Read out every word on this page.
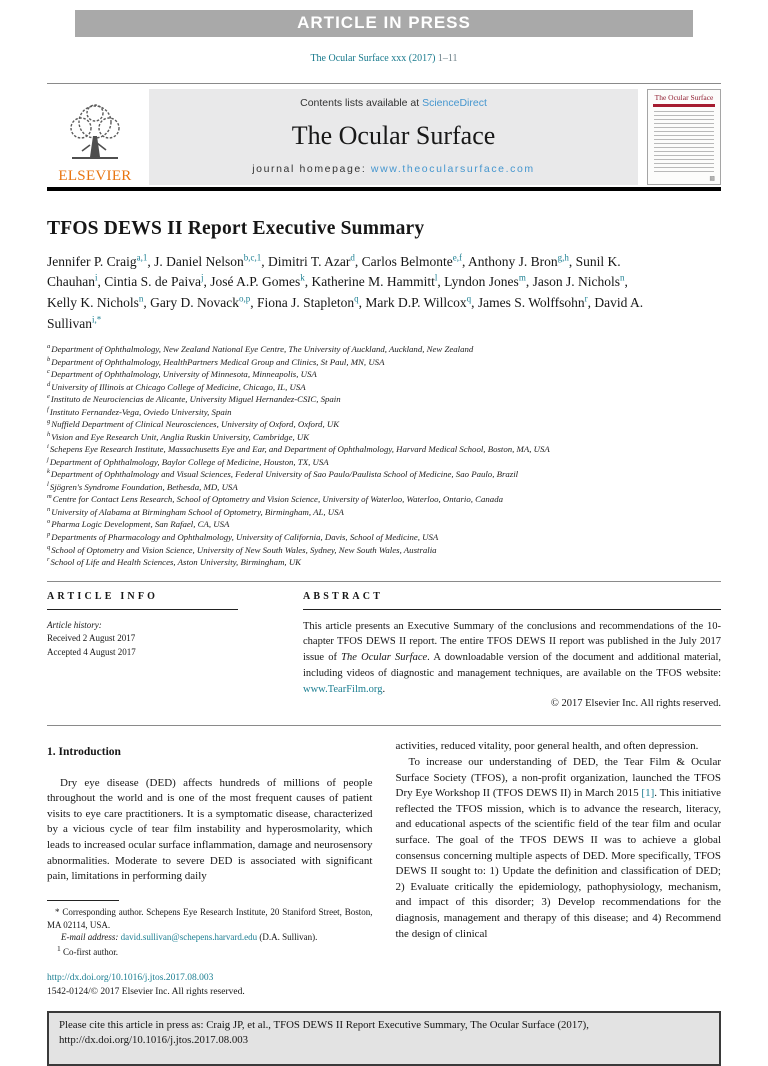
ARTICLE IN PRESS
The Ocular Surface xxx (2017) 1–11
ELSEVIER
Contents lists available at ScienceDirect
The Ocular Surface
journal homepage: www.theocularsurface.com
The Ocular Surface
▩
TFOS DEWS II Report Executive Summary
Jennifer P. Craig$^{a,1}$, J. Daniel Nelson$^{b,c,1}$, Dimitri T. Azar$^d$, Carlos Belmonte$^{e,f}$, Anthony J. Bron$^{g,h}$, Sunil K. Chauhan$^i$, Cintia S. de Paiva$^j$, José A.P. Gomes$^k$, Katherine M. Hammitt$^l$, Lyndon Jones$^m$, Jason J. Nichols$^n$, Kelly K. Nichols$^n$, Gary D. Novack$^{o,p}$, Fiona J. Stapleton$^q$, Mark D.P. Willcox$^q$, James S. Wolffsohn$^r$, David A. Sullivan$^{i,*}$
$^a$Department of Ophthalmology, New Zealand National Eye Centre, The University of Auckland, Auckland, New Zealand
$^b$Department of Ophthalmology, HealthPartners Medical Group and Clinics, St Paul, MN, USA
$^c$Department of Ophthalmology, University of Minnesota, Minneapolis, USA
$^d$University of Illinois at Chicago College of Medicine, Chicago, IL, USA
$^e$Instituto de Neurociencias de Alicante, University Miguel Hernandez-CSIC, Spain
$^f$Instituto Fernandez-Vega, Oviedo University, Spain
$^g$Nuffield Department of Clinical Neurosciences, University of Oxford, Oxford, UK
$^h$Vision and Eye Research Unit, Anglia Ruskin University, Cambridge, UK
$^i$Schepens Eye Research Institute, Massachusetts Eye and Ear, and Department of Ophthalmology, Harvard Medical School, Boston, MA, USA
$^j$Department of Ophthalmology, Baylor College of Medicine, Houston, TX, USA
$^k$Department of Ophthalmology and Visual Sciences, Federal University of Sao Paulo/Paulista School of Medicine, Sao Paulo, Brazil
$^l$Sjögren's Syndrome Foundation, Bethesda, MD, USA
$^m$Centre for Contact Lens Research, School of Optometry and Vision Science, University of Waterloo, Waterloo, Ontario, Canada
$^n$University of Alabama at Birmingham School of Optometry, Birmingham, AL, USA
$^o$Pharma Logic Development, San Rafael, CA, USA
$^p$Departments of Pharmacology and Ophthalmology, University of California, Davis, School of Medicine, USA
$^q$School of Optometry and Vision Science, University of New South Wales, Sydney, New South Wales, Australia
$^r$School of Life and Health Sciences, Aston University, Birmingham, UK
ARTICLE INFO
Article history:
Received 2 August 2017
Accepted 4 August 2017
ABSTRACT

This article presents an Executive Summary of the conclusions and recommendations of the 10-chapter TFOS DEWS II report. The entire TFOS DEWS II report was published in the July 2017 issue of The Ocular Surface. A downloadable version of the document and additional material, including videos of diagnostic and management techniques, are available on the TFOS website: www.TearFilm.org.

© 2017 Elsevier Inc. All rights reserved.
1. Introduction

Dry eye disease (DED) affects hundreds of millions of people throughout the world and is one of the most frequent causes of patient visits to eye care practitioners. It is a symptomatic disease, characterized by a vicious cycle of tear film instability and hyperosmolarity, which leads to increased ocular surface inflammation, damage and neurosensory abnormalities. Moderate to severe DED is associated with significant pain, limitations in performing daily

* Corresponding author. Schepens Eye Research Institute, 20 Staniford Street, Boston, MA 02114, USA.

E-mail address: david.sullivan@schepens.harvard.edu (D.A. Sullivan).

$^1$ Co-first author.

http://dx.doi.org/10.1016/j.jtos.2017.08.003
1542-0124/© 2017 Elsevier Inc. All rights reserved.

activities, reduced vitality, poor general health, and often depression.

To increase our understanding of DED, the Tear Film & Ocular Surface Society (TFOS), a non-profit organization, launched the TFOS Dry Eye Workshop II (TFOS DEWS II) in March 2015 [1]. This initiative reflected the TFOS mission, which is to advance the research, literacy, and educational aspects of the scientific field of the tear film and ocular surface. The goal of the TFOS DEWS II was to achieve a global consensus concerning multiple aspects of DED. More specifically, TFOS DEWS II sought to: 1) Update the definition and classification of DED; 2) Evaluate critically the epidemiology, pathophysiology, mechanism, and impact of this disorder; 3) Develop recommendations for the diagnosis, management and therapy of this disease; and 4) Recommend the design of clinical

Please cite this article in press as: Craig JP, et al., TFOS DEWS II Report Executive Summary, The Ocular Surface (2017), http://dx.doi.org/10.1016/j.jtos.2017.08.003
